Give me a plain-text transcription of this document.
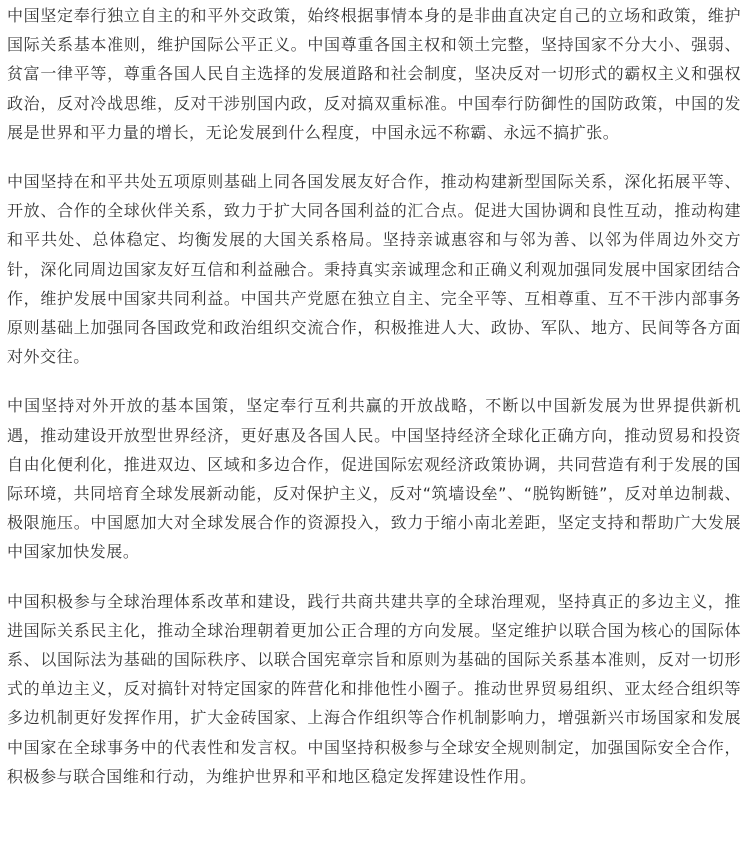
中国坚定奉行独立自主的和平外交政策，始终根据事情本身的是非曲直决定自己的立场和政策，维护国际关系基本准则，维护国际公平正义。中国尊重各国主权和领土完整，坚持国家不分大小、强弱、贫富一律平等，尊重各国人民自主选择的发展道路和社会制度，坚决反对一切形式的霸权主义和强权政治，反对冷战思维，反对干涉别国内政，反对搞双重标准。中国奉行防御性的国防政策，中国的发展是世界和平力量的增长，无论发展到什么程度，中国永远不称霸、永远不搞扩张。

中国坚持在和平共处五项原则基础上同各国发展友好合作，推动构建新型国际关系，深化拓展平等、开放、合作的全球伙伴关系，致力于扩大同各国利益的汇合点。促进大国协调和良性互动，推动构建和平共处、总体稳定、均衡发展的大国关系格局。坚持亲诚惠容和与邻为善、以邻为伴周边外交方针，深化同周边国家友好互信和利益融合。秉持真实亲诚理念和正确义利观加强同发展中国家团结合作，维护发展中国家共同利益。中国共产党愿在独立自主、完全平等、互相尊重、互不干涉内部事务原则基础上加强同各国政党和政治组织交流合作，积极推进人大、政协、军队、地方、民间等各方面对外交往。

中国坚持对外开放的基本国策，坚定奉行互利共赢的开放战略，不断以中国新发展为世界提供新机遇，推动建设开放型世界经济，更好惠及各国人民。中国坚持经济全球化正确方向，推动贸易和投资自由化便利化，推进双边、区域和多边合作，促进国际宏观经济政策协调，共同营造有利于发展的国际环境，共同培育全球发展新动能，反对保护主义，反对“筑墙设垒”、“脱钩断链”，反对单边制裁、极限施压。中国愿加大对全球发展合作的资源投入，致力于缩小南北差距，坚定支持和帮助广大发展中国家加快发展。

中国积极参与全球治理体系改革和建设，践行共商共建共享的全球治理观，坚持真正的多边主义，推进国际关系民主化，推动全球治理朝着更加公正合理的方向发展。坚定维护以联合国为核心的国际体系、以国际法为基础的国际秩序、以联合国宪章宗旨和原则为基础的国际关系基本准则，反对一切形式的单边主义，反对搞针对特定国家的阵营化和排他性小圈子。推动世界贸易组织、亚太经合组织等多边机制更好发挥作用，扩大金砖国家、上海合作组织等合作机制影响力，增强新兴市场国家和发展中国家在全球事务中的代表性和发言权。中国坚持积极参与全球安全规则制定，加强国际安全合作，积极参与联合国维和行动，为维护世界和平和地区稳定发挥建设性作用。
